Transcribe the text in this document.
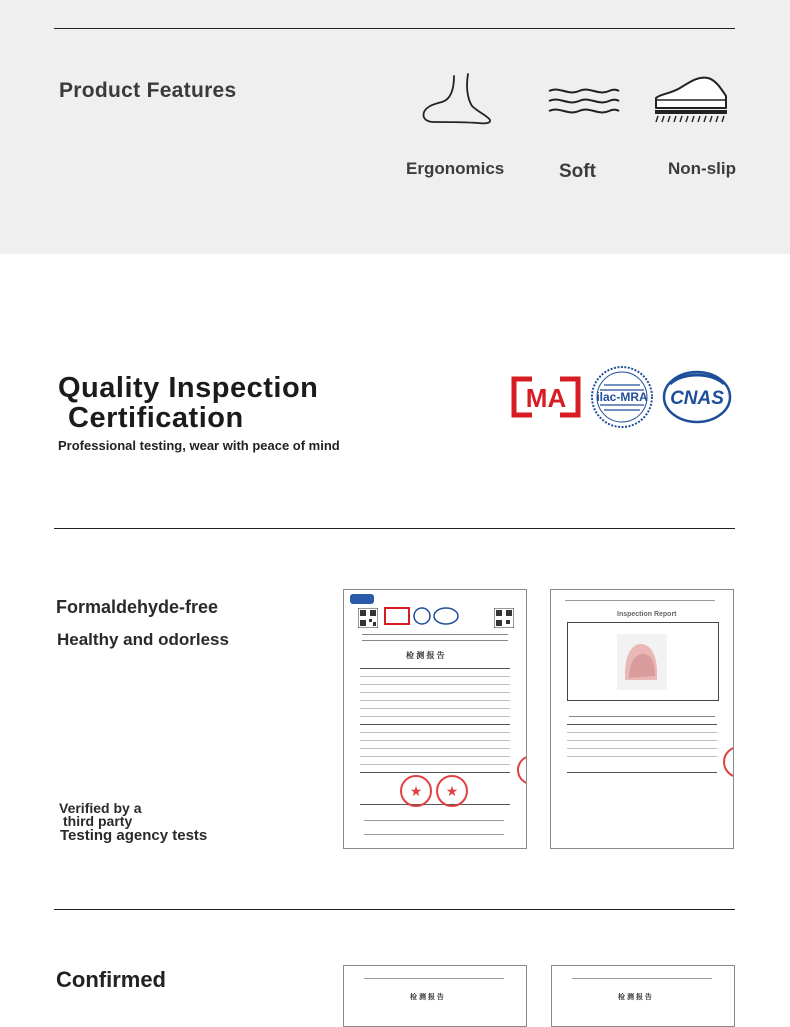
Product Features
Ergonomics	Soft	Non-slip
Quality Inspection
Certification
Professional testing, wear with peace of mind
MA	ilac-MRA CNAS
Formaldehyde-free
Healthy and odorless
Verified by a
third party
Testing agency tests
检 测 报 告
★ ★
Inspection Report
Confirmed
检 测 报 告	检 测 报 告
